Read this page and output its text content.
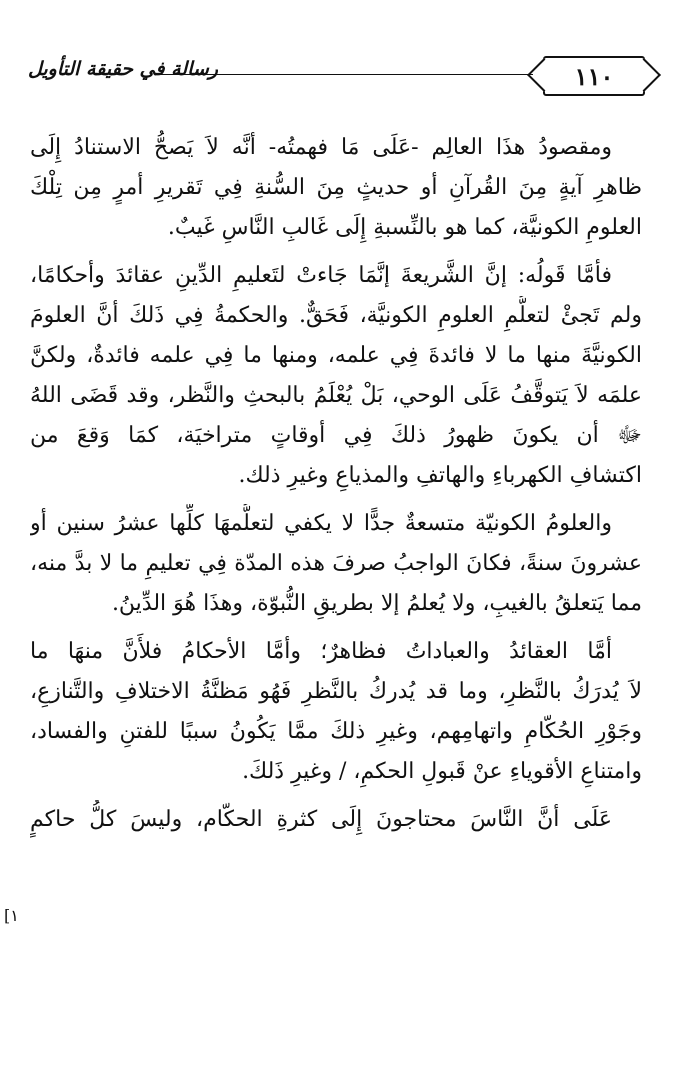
١١٠
رسالة في حقيقة التأويل
ومقصودُ هذَا العالِم -عَلَى مَا فهمتُه- أنَّه لاَ يَصحُّ الاستنادُ إِلَى
ظاهرِ آيةٍ مِنَ القُرآنِ أو حديثٍ مِنَ السُّنةِ فِي تَقريرِ أمرٍ مِن تِلْكَ
العلومِ الكونيَّة، كما هو بالنِّسبةِ إِلَى غَالبِ النَّاسِ غَيبٌ.
فأمَّا قَولُه: إنَّ الشَّريعةَ إنَّمَا جَاءتْ لتَعليمِ الدِّينِ عقائدَ وأحكامًا،
ولم تَجئْ لتعلُّمِ العلومِ الكونيَّة، فَحَقٌّ. والحكمةُ فِي ذَلكَ أنَّ العلومَ
الكونيَّةَ منها ما لا فائدةَ فِي علمه، ومنها ما فِي علمه فائدةٌ، ولكنَّ
علمَه لاَ يَتوقَّفُ عَلَى الوحي، بَلْ يُعْلَمُ بالبحثِ والنَّظر، وقد قَضَى اللهُ
ﷻ أن يكونَ ظهورُ ذلكَ فِي أوقاتٍ متراخيَة، كمَا وَقعَ من
اكتشافِ الكهرباءِ والهاتفِ والمذياعِ وغيرِ ذلك.
والعلومُ الكونيّة متسعةٌ جدًّا لا يكفي لتعلُّمهَا كلِّها عشرُ سنين أو
عشرونَ سنةً، فكانَ الواجبُ صرفَ هذه المدّة فِي تعليمِ ما لا بدَّ منه،
مما يَتعلقُ بالغيبِ، ولا يُعلمُ إلا بطريقِ النُّبوّة، وهذَا هُوَ الدِّينُ.
أمَّا العقائدُ والعباداتُ فظاهرٌ؛ وأمَّا الأحكامُ فلأَنَّ منهَا ما
لاَ يُدرَكُ بالنَّظرِ، وما قد يُدركُ بالنَّظرِ فَهُو مَظنَّةُ الاختلافِ والتَّنازعِ،
وجَوْرِ الحُكّامِ واتهامِهم، وغيرِ ذلكَ ممَّا يَكُونُ سببًا للفتنِ والفساد،
وامتناعِ الأقوياءِ عنْ قَبولِ الحكمِ، / وغيرِ ذَلكَ.
عَلَى أنَّ النَّاسَ محتاجونَ إِلَى كثرةِ الحكّام، وليسَ كلُّ حاكمٍ
[١
